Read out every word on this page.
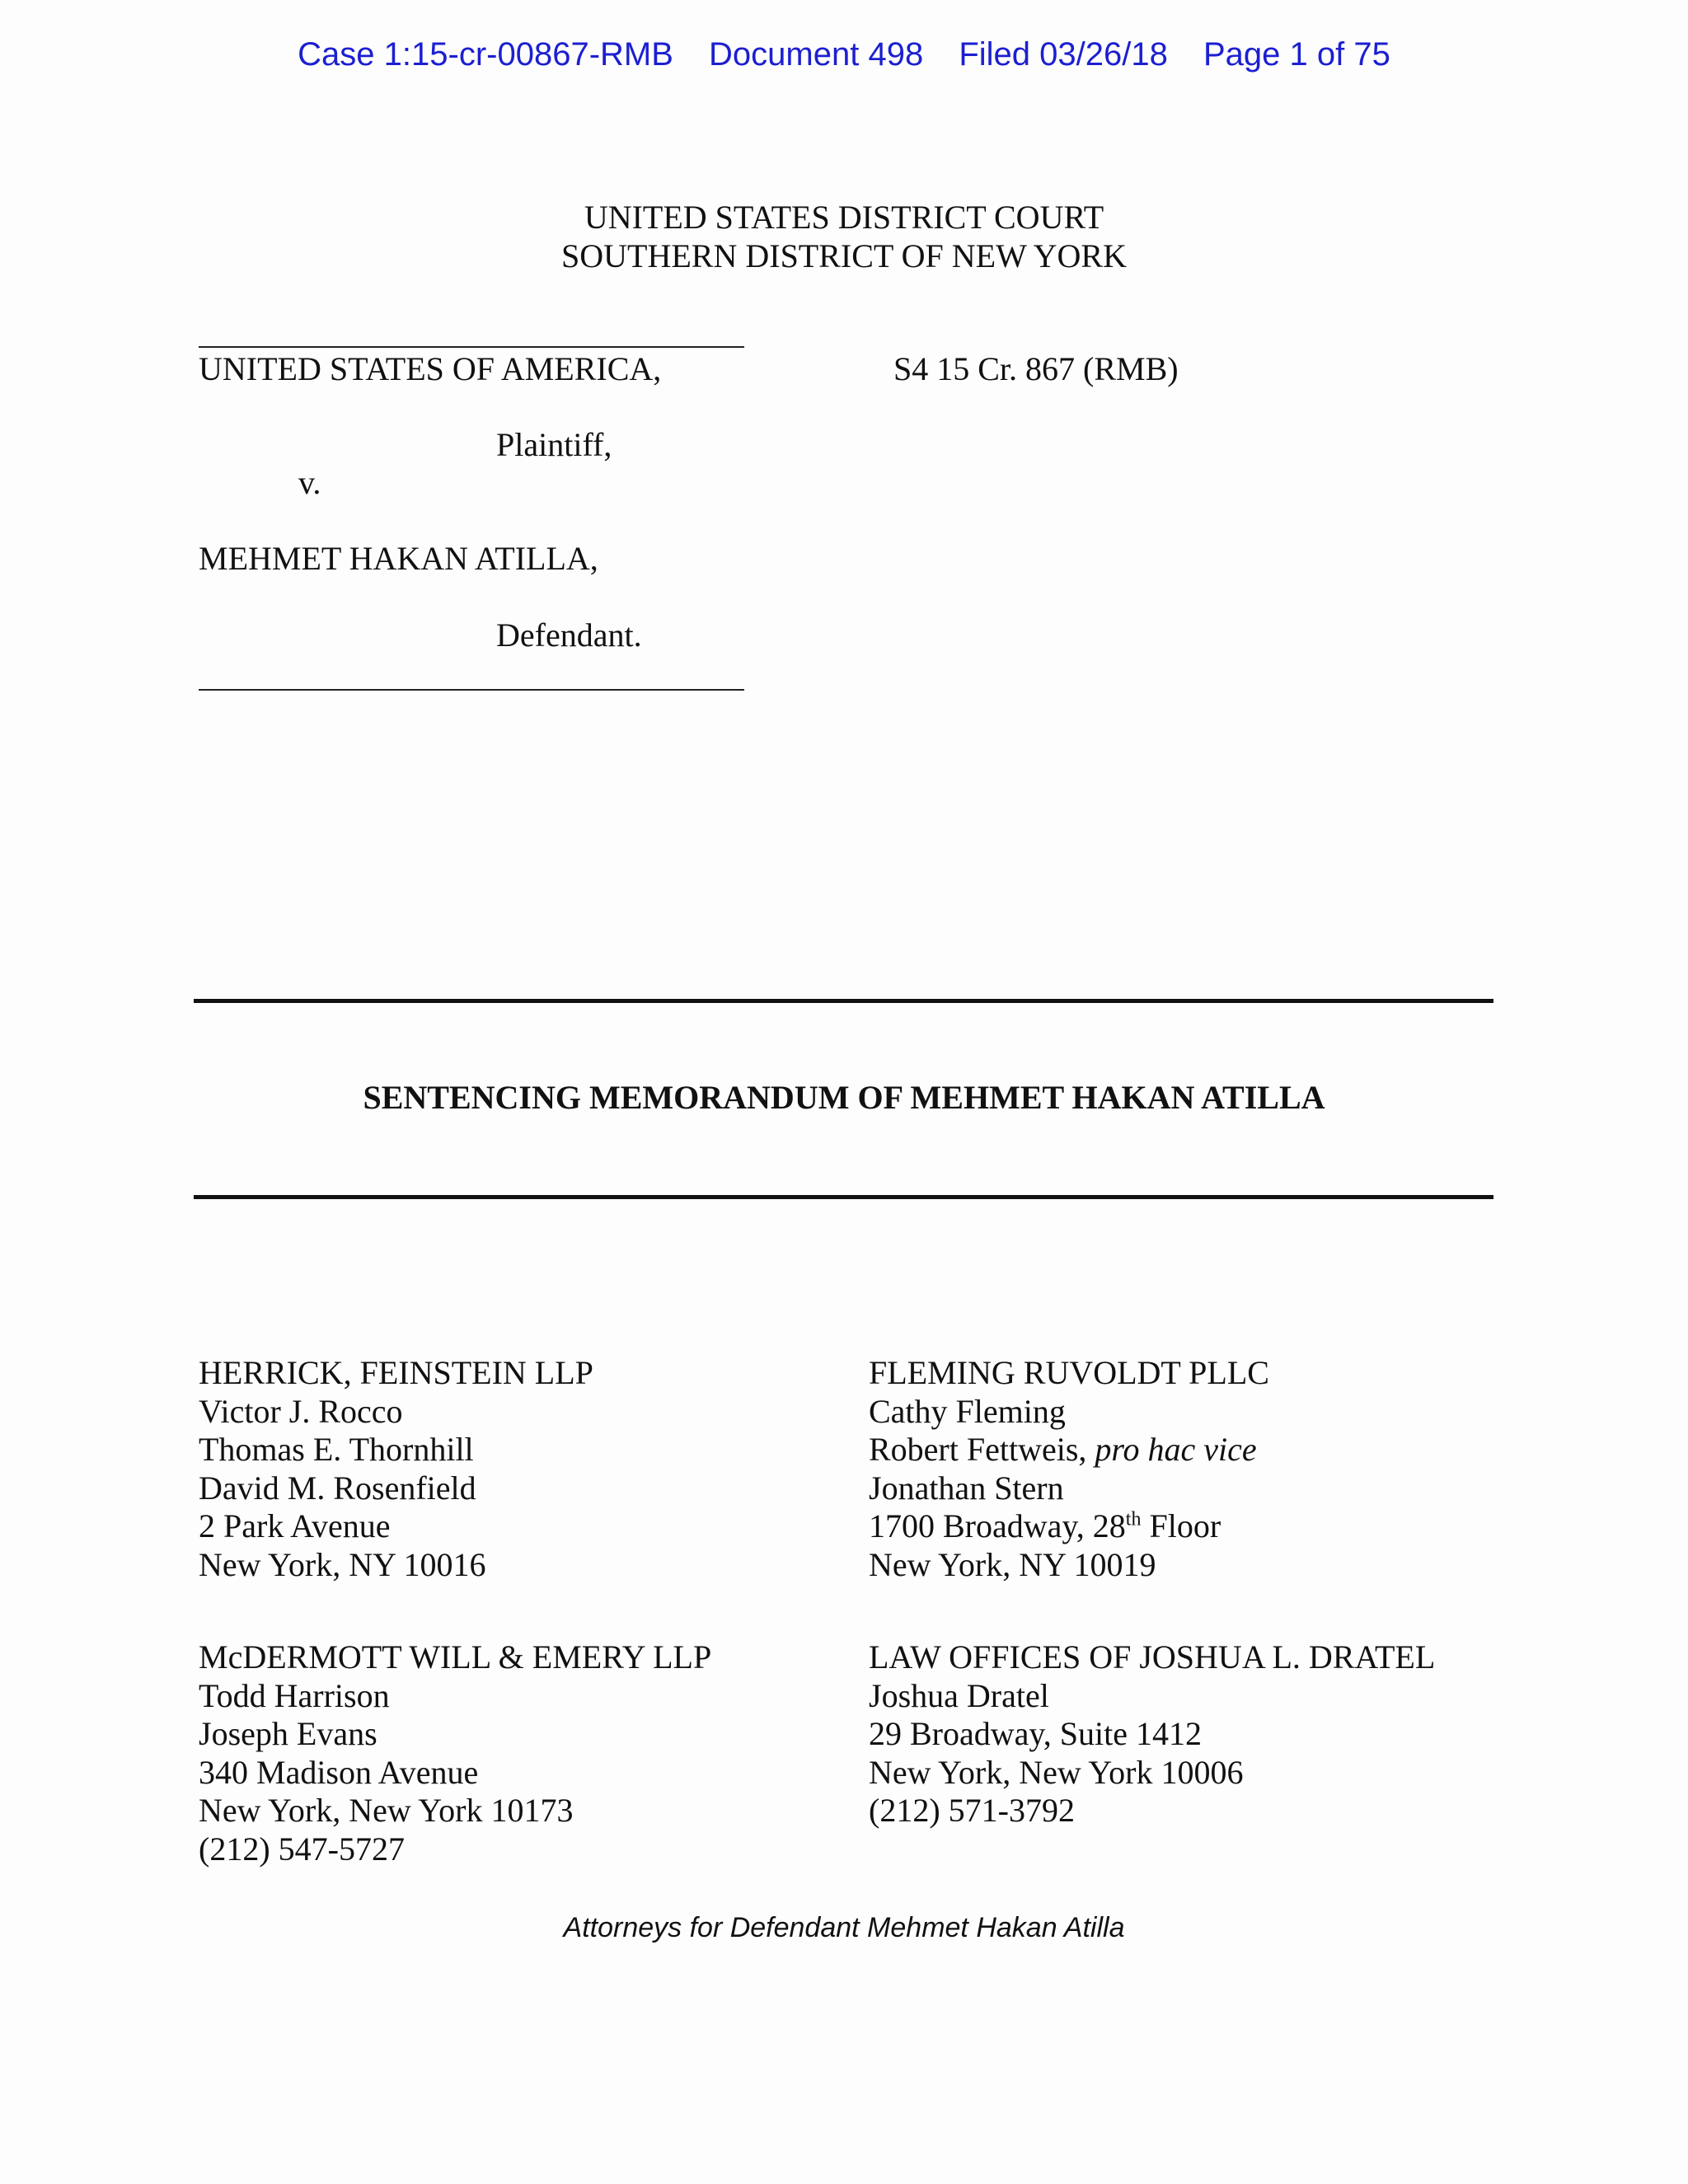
Case 1:15-cr-00867-RMB Document 498 Filed 03/26/18 Page 1 of 75
UNITED STATES DISTRICT COURT
SOUTHERN DISTRICT OF NEW YORK
UNITED STATES OF AMERICA,	S4 15 Cr. 867 (RMB)
Plaintiff,
v.
MEHMET HAKAN ATILLA,
Defendant.
SENTENCING MEMORANDUM OF MEHMET HAKAN ATILLA
HERRICK, FEINSTEIN LLP
Victor J. Rocco
Thomas E. Thornhill
David M. Rosenfield
2 Park Avenue
New York, NY 10016
FLEMING RUVOLDT PLLC
Cathy Fleming
Robert Fettweis, pro hac vice
Jonathan Stern
1700 Broadway, 28th Floor
New York, NY 10019
McDERMOTT WILL & EMERY LLP
Todd Harrison
Joseph Evans
340 Madison Avenue
New York, New York 10173
(212) 547-5727
LAW OFFICES OF JOSHUA L. DRATEL
Joshua Dratel
29 Broadway, Suite 1412
New York, New York 10006
(212) 571-3792
Attorneys for Defendant Mehmet Hakan Atilla
